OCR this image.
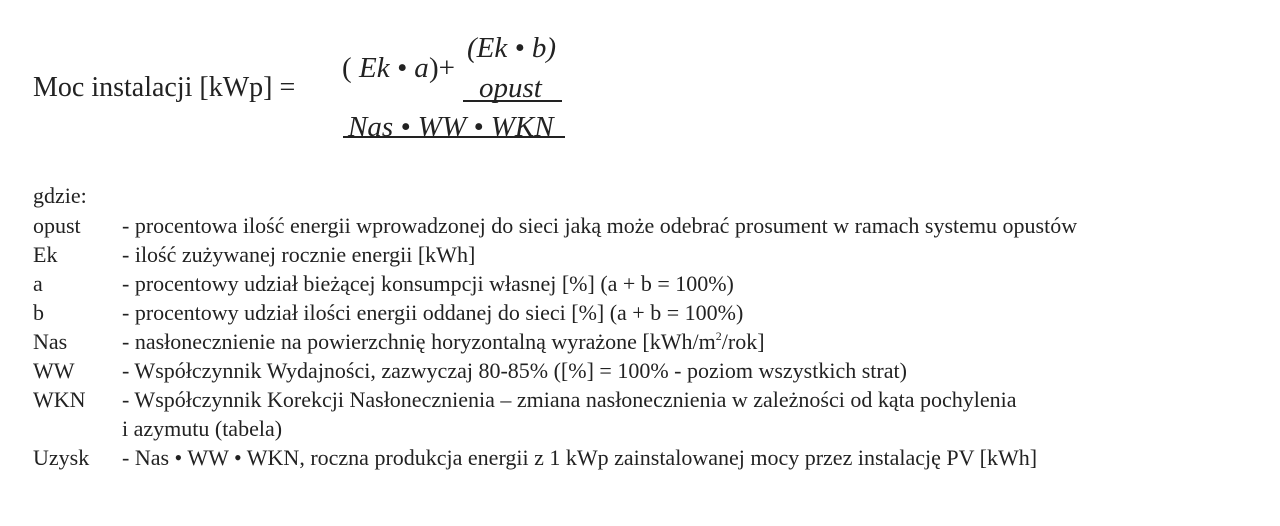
Moc instalacji [kWp] =
( Ek • a )+
(Ek • b)
opust
Nas • WW • WKN
gdzie:
opust	- procentowa ilość energii wprowadzonej do sieci jaką może odebrać prosument w ramach systemu opustów
Ek	- ilość zużywanej rocznie energii [kWh]
a	- procentowy udział bieżącej konsumpcji własnej [%] (a + b = 100%)
b	- procentowy udział ilości energii oddanej do sieci [%] (a + b = 100%)
Nas	- nasłonecznienie na powierzchnię horyzontalną wyrażone $[kWh/m^2/rok]$
WW	- Współczynnik Wydajności, zazwyczaj 80-85% ([%] = 100% - poziom wszystkich strat)
WKN	- Współczynnik Korekcji Nasłonecznienia – zmiana nasłonecznienia w zależności od kąta pochylenia
i azymutu (tabela)
Uzysk	- Nas • WW • WKN, roczna produkcja energii z 1 kWp zainstalowanej mocy przez instalację PV [kWh]
